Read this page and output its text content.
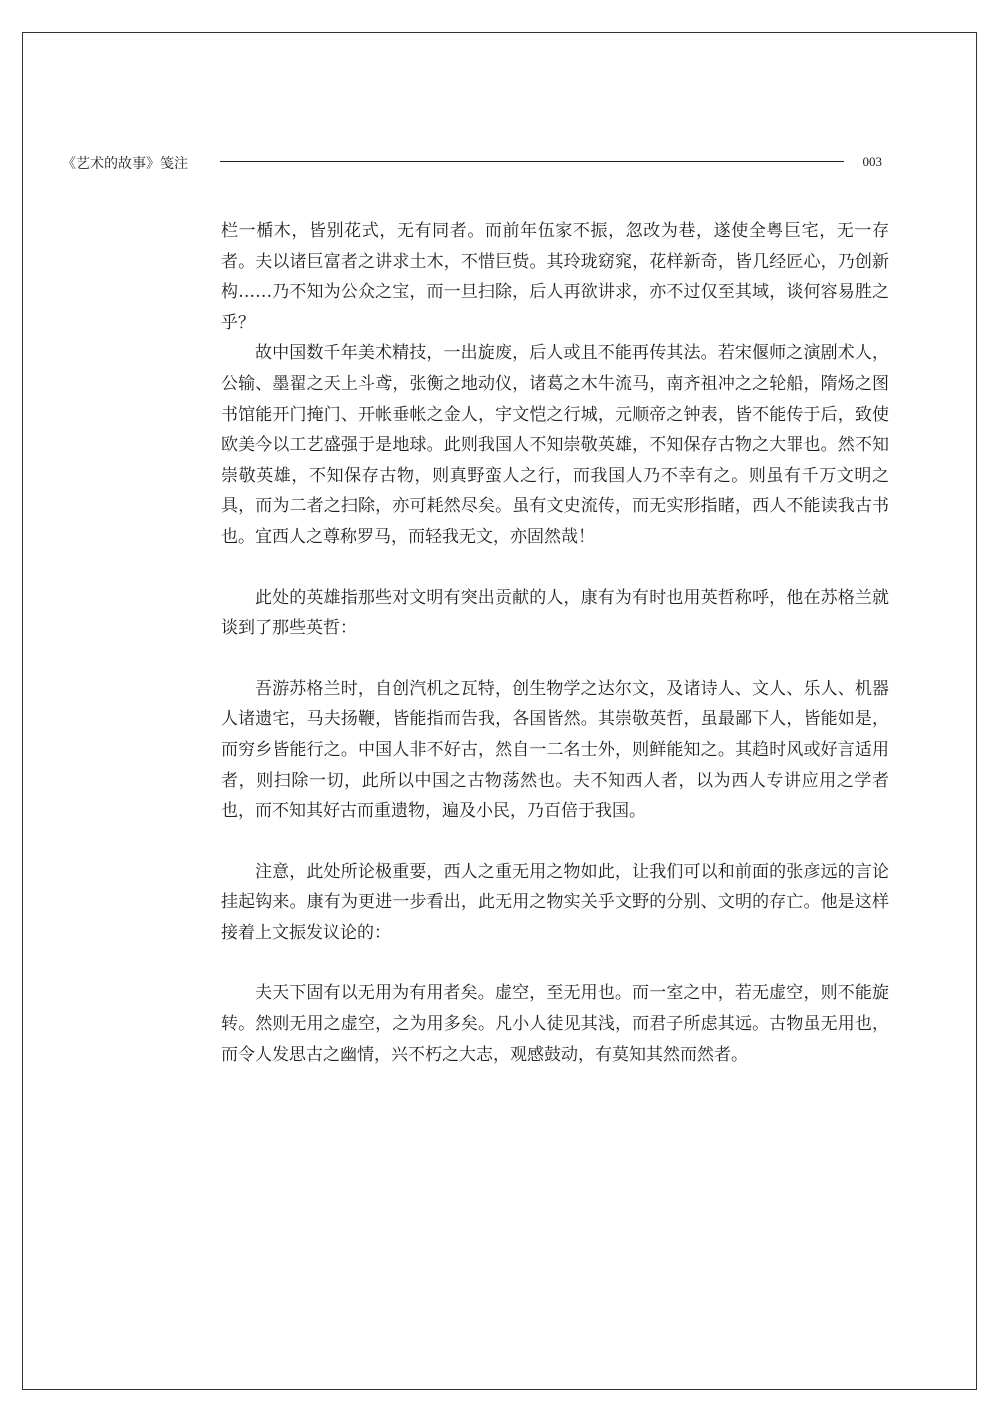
《艺术的故事》笺注	003

栏一楯木，皆别花式，无有同者。而前年伍家不振，忽改为巷，遂使全粤巨宅，无一存者。夫以诸巨富者之讲求土木，不惜巨赀。其玲珑窈窕，花样新奇，皆几经匠心，乃创新构……乃不知为公众之宝，而一旦扫除，后人再欲讲求，亦不过仅至其域，谈何容易胜之乎？

故中国数千年美术精技，一出旋废，后人或且不能再传其法。若宋偃师之演剧术人，公输、墨翟之天上斗鸢，张衡之地动仪，诸葛之木牛流马，南齐祖冲之之轮船，隋炀之图书馆能开门掩门、开帐垂帐之金人，宇文恺之行城，元顺帝之钟表，皆不能传于后，致使欧美今以工艺盛强于是地球。此则我国人不知崇敬英雄，不知保存古物之大罪也。然不知崇敬英雄，不知保存古物，则真野蛮人之行，而我国人乃不幸有之。则虽有千万文明之具，而为二者之扫除，亦可耗然尽矣。虽有文史流传，而无实形指睹，西人不能读我古书也。宜西人之尊称罗马，而轻我无文，亦固然哉！

此处的英雄指那些对文明有突出贡献的人，康有为有时也用英哲称呼，他在苏格兰就谈到了那些英哲：

吾游苏格兰时，自创汽机之瓦特，创生物学之达尔文，及诸诗人、文人、乐人、机器人诸遗宅，马夫扬鞭，皆能指而告我，各国皆然。其崇敬英哲，虽最鄙下人，皆能如是，而穷乡皆能行之。中国人非不好古，然自一二名士外，则鲜能知之。其趋时风或好言适用者，则扫除一切，此所以中国之古物荡然也。夫不知西人者，以为西人专讲应用之学者也，而不知其好古而重遗物，遍及小民，乃百倍于我国。

注意，此处所论极重要，西人之重无用之物如此，让我们可以和前面的张彦远的言论挂起钩来。康有为更进一步看出，此无用之物实关乎文野的分别、文明的存亡。他是这样接着上文振发议论的：

夫天下固有以无用为有用者矣。虚空，至无用也。而一室之中，若无虚空，则不能旋转。然则无用之虚空，之为用多矣。凡小人徒见其浅，而君子所虑其远。古物虽无用也，而令人发思古之幽情，兴不朽之大志，观感鼓动，有莫知其然而然者。
